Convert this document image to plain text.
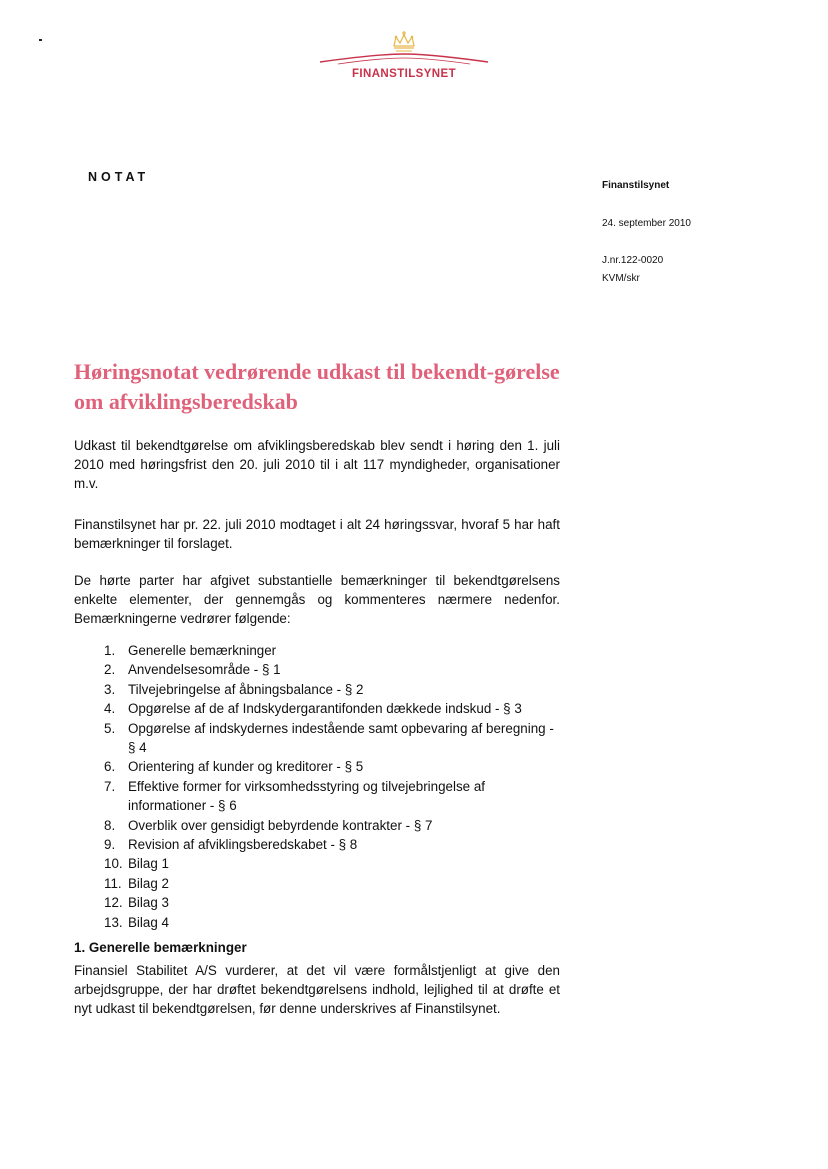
FINANSTILSYNET
NOTAT
Finanstilsynet
24. september 2010
J.nr.122-0020
KVM/skr
Høringsnotat vedrørende udkast til bekendt-gørelse om afviklingsberedskab
Udkast til bekendtgørelse om afviklingsberedskab blev sendt i høring den 1. juli 2010 med høringsfrist den 20. juli 2010 til i alt 117 myndigheder, organisationer m.v.
Finanstilsynet har pr. 22. juli 2010 modtaget i alt 24 høringssvar, hvoraf 5 har haft bemærkninger til forslaget.
De hørte parter har afgivet substantielle bemærkninger til bekendtgørelsens enkelte elementer, der gennemgås og kommenteres nærmere nedenfor. Bemærkningerne vedrører følgende:
1. Generelle bemærkninger
2. Anvendelsesområde - § 1
3. Tilvejebringelse af åbningsbalance - § 2
4. Opgørelse af de af Indskydergarantifonden dækkede indskud - § 3
5. Opgørelse af indskydernes indestående samt opbevaring af beregning - § 4
6. Orientering af kunder og kreditorer - § 5
7. Effektive former for virksomhedsstyring og tilvejebringelse af informationer - § 6
8. Overblik over gensidigt bebyrdende kontrakter - § 7
9. Revision af afviklingsberedskabet - § 8
10. Bilag 1
11. Bilag 2
12. Bilag 3
13. Bilag 4
1. Generelle bemærkninger
Finansiel Stabilitet A/S vurderer, at det vil være formålstjenligt at give den arbejdsgruppe, der har drøftet bekendtgørelsens indhold, lejlighed til at drøfte et nyt udkast til bekendtgørelsen, før denne underskrives af Finanstilsynet.
